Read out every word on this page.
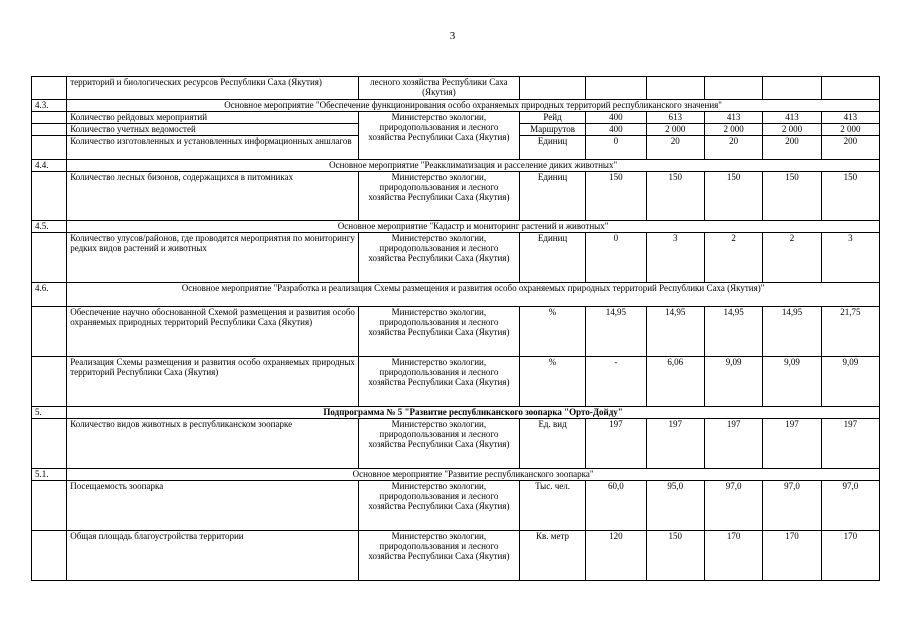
3
	территорий и биологических ресурсов Республики Саха (Якутия)	лесного хозяйства Республики Саха (Якутия)						
4.3.	Основное мероприятие "Обеспечение функционирования особо охраняемых природных территорий республиканского значения"							
	Количество рейдовых мероприятий	Министерство экологии, природопользования и лесного хозяйства Республики Саха (Якутия)	Рейд	400	613	413	413	413
	Количество учетных ведомостей		Маршрутов	400	2 000	2 000	2 000	2 000
	Количество изготовленных и установленных информационных аншлагов		Единиц	0	20	20	200	200
4.4.	Основное мероприятие "Реакклиматизация и расселение диких животных"							
	Количество лесных бизонов, содержащихся в питомниках	Министерство экологии, природопользования и лесного хозяйства Республики Саха (Якутия)	Единиц	150	150	150	150	150
4.5.	Основное мероприятие "Кадастр и мониторинг растений и животных"							
	Количество улусов/районов, где проводятся мероприятия по мониторингу редких видов растений и животных	Министерство экологии, природопользования и лесного хозяйства Республики Саха (Якутия)	Единиц	0	3	2	2	3
4.6.	Основное мероприятие "Разработка и реализация Схемы размещения и развития особо охраняемых природных территорий Республики Саха (Якутия)"							
	Обеспечение научно обоснованной Схемой размещения и развития особо охраняемых природных территорий Республики Саха (Якутия)	Министерство экологии, природопользования и лесного хозяйства Республики Саха (Якутия)	%	14,95	14,95	14,95	14,95	21,75
	Реализация Схемы размещения и развития особо охраняемых природных территорий Республики Саха (Якутия)	Министерство экологии, природопользования и лесного хозяйства Республики Саха (Якутия)	%	-	6,06	9,09	9,09	9,09
5.	Подпрограмма № 5 "Развитие республиканского зоопарка "Орто-Дойду"							
	Количество видов животных в республиканском зоопарке	Министерство экологии, природопользования и лесного хозяйства Республики Саха (Якутия)	Ед. вид	197	197	197	197	197
5.1.	Основное мероприятие "Развитие республиканского зоопарка"							
	Посещаемость зоопарка	Министерство экологии, природопользования и лесного хозяйства Республики Саха (Якутия)	Тыс. чел.	60,0	95,0	97,0	97,0	97,0
	Общая площадь благоустройства территории	Министерство экологии, природопользования и лесного хозяйства Республики Саха (Якутия)	Кв. метр	120	150	170	170	170
